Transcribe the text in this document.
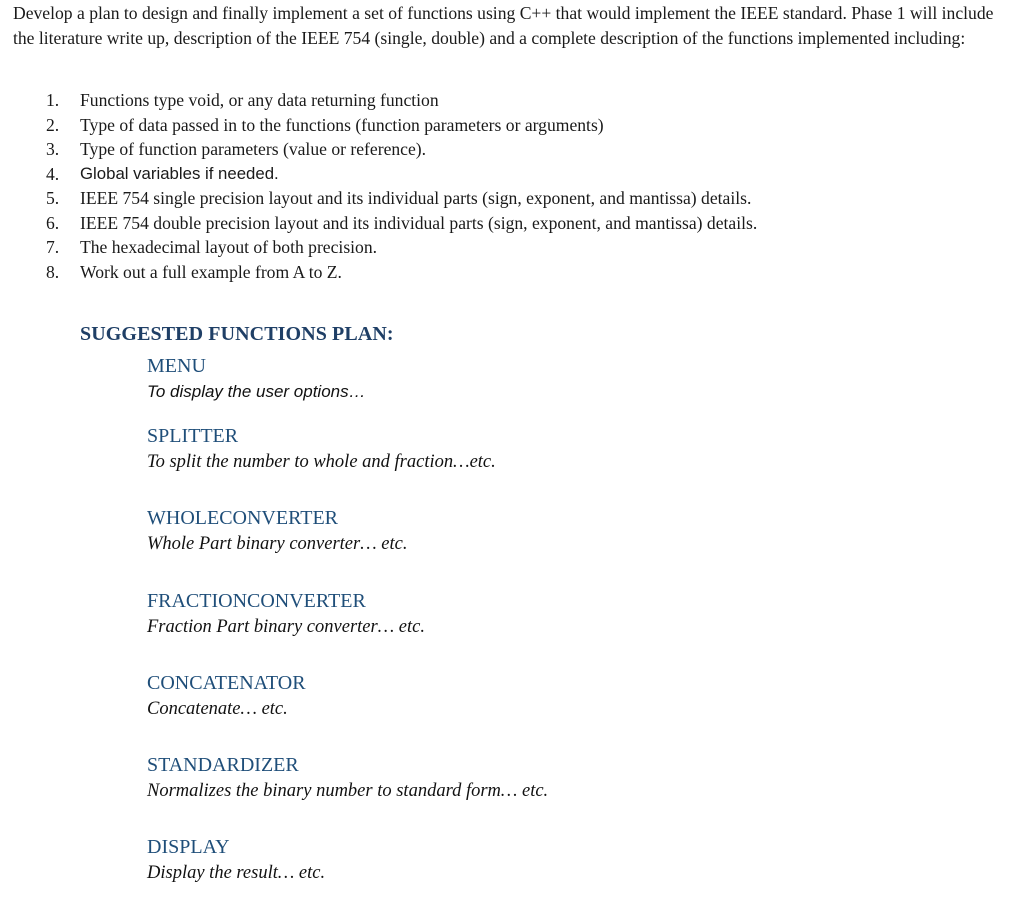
Develop a plan to design and finally implement a set of functions using C++ that would implement the IEEE standard. Phase 1 will include the literature write up, description of the IEEE 754 (single, double) and a complete description of the functions implemented including:

1.	Functions type void, or any data returning function
2.	Type of data passed in to the functions (function parameters or arguments)
3.	Type of function parameters (value or reference).
4.	Global variables if needed.
5.	IEEE 754 single precision layout and its individual parts (sign, exponent, and mantissa) details.
6.	IEEE 754 double precision layout and its individual parts (sign, exponent, and mantissa) details.
7.	The hexadecimal layout of both precision.
8.	Work out a full example from A to Z.
SUGGESTED FUNCTIONS PLAN:
MENU
To display the user options…
SPLITTER
To split the number to whole and fraction…etc.
WHOLECONVERTER
Whole Part binary converter… etc.
FRACTIONCONVERTER
Fraction Part binary converter… etc.
CONCATENATOR
Concatenate… etc.
STANDARDIZER
Normalizes the binary number to standard form… etc.
DISPLAY
Display the result… etc.
